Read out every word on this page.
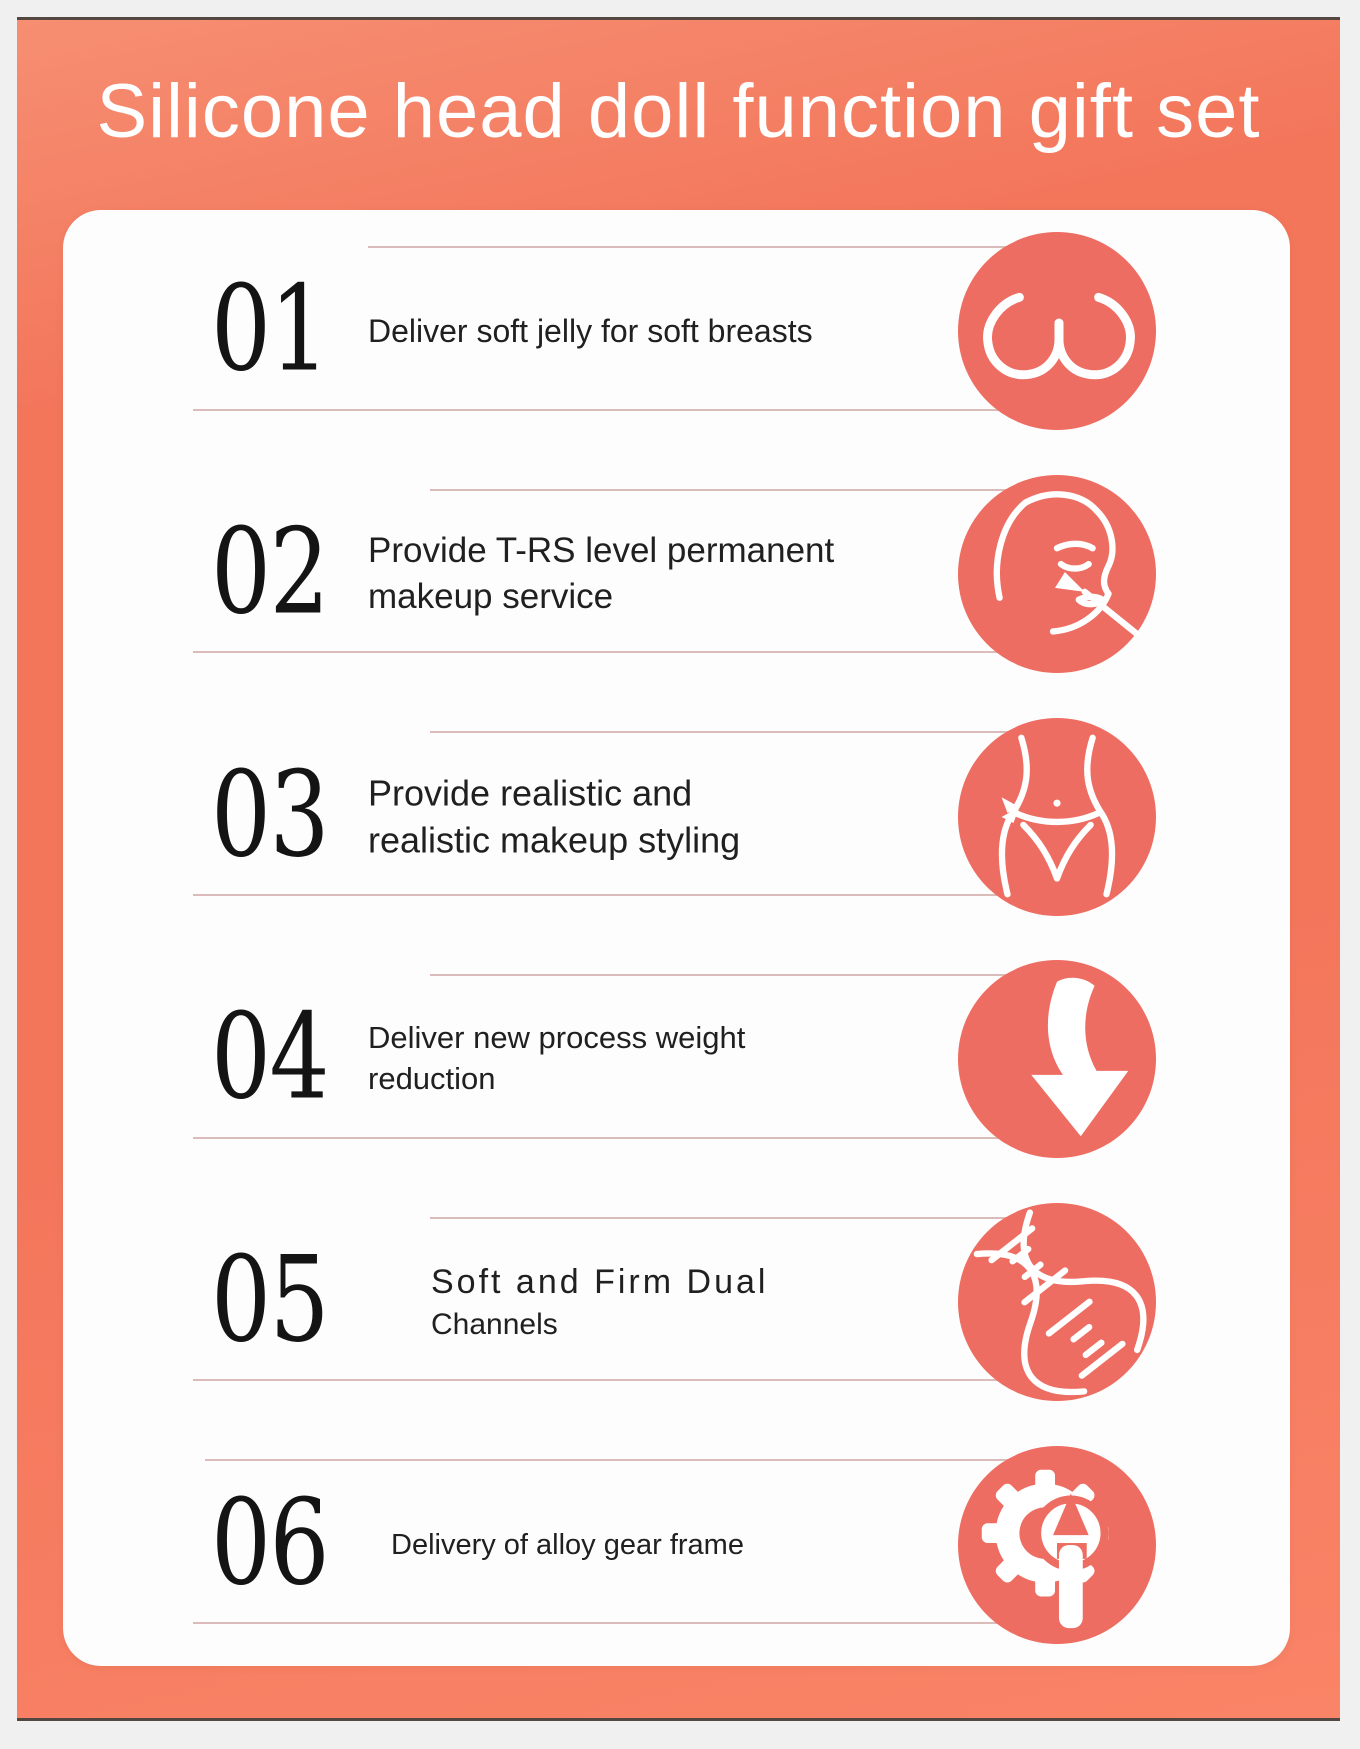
Silicone head doll function gift set
01 Deliver soft jelly for soft breasts
02 Provide T-RS level permanent
makeup service
03 Provide realistic and
realistic makeup styling
04 Deliver new process weight
reduction
05	Soft and Firm Dual
Channels
06 Delivery of alloy gear frame
